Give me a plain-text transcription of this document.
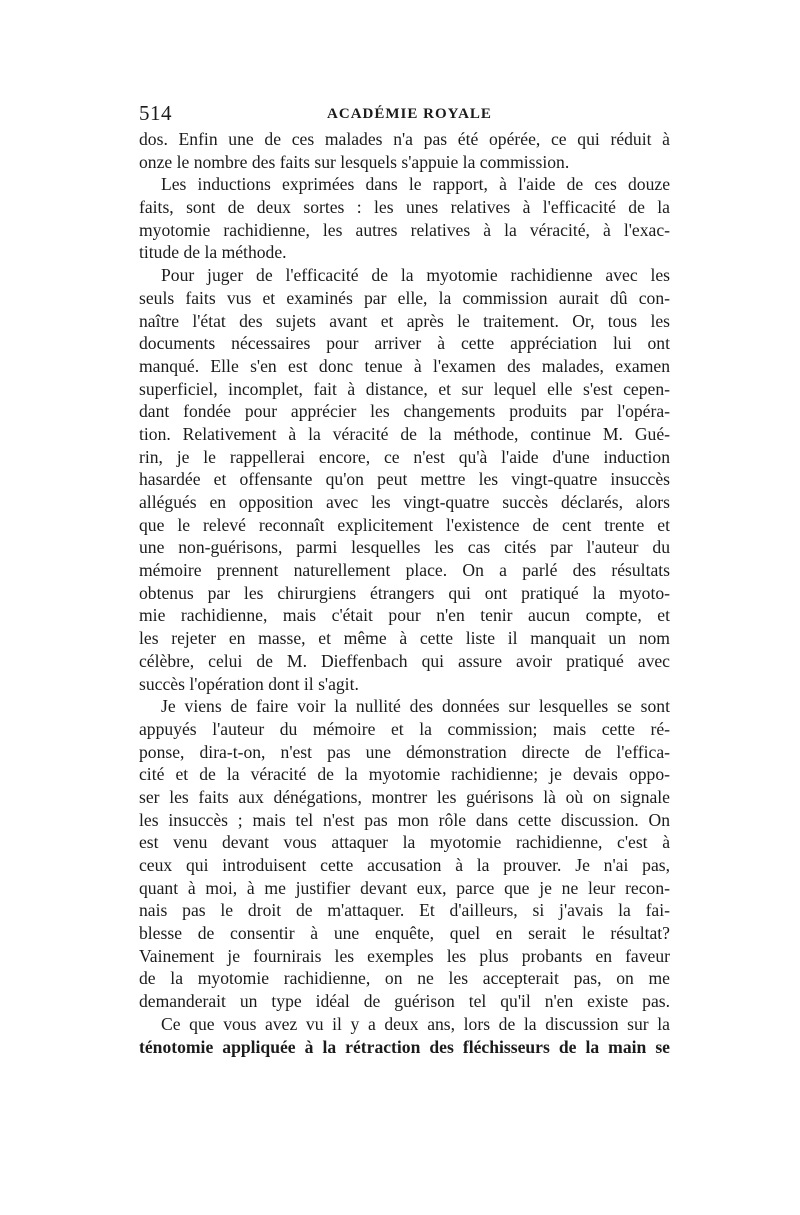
514	ACADÉMIE ROYALE
dos. Enfin une de ces malades n'a pas été opérée, ce qui réduit à
onze le nombre des faits sur lesquels s'appuie la commission.
Les inductions exprimées dans le rapport, à l'aide de ces douze
faits, sont de deux sortes : les unes relatives à l'efficacité de la
myotomie rachidienne, les autres relatives à la véracité, à l'exac-
titude de la méthode.
Pour juger de l'efficacité de la myotomie rachidienne avec les
seuls faits vus et examinés par elle, la commission aurait dû con-
naître l'état des sujets avant et après le traitement. Or, tous les
documents nécessaires pour arriver à cette appréciation lui ont
manqué. Elle s'en est donc tenue à l'examen des malades, examen
superficiel, incomplet, fait à distance, et sur lequel elle s'est cepen-
dant fondée pour apprécier les changements produits par l'opéra-
tion. Relativement à la véracité de la méthode, continue M. Gué-
rin, je le rappellerai encore, ce n'est qu'à l'aide d'une induction
hasardée et offensante qu'on peut mettre les vingt-quatre insuccès
allégués en opposition avec les vingt-quatre succès déclarés, alors
que le relevé reconnaît explicitement l'existence de cent trente et
une non-guérisons, parmi lesquelles les cas cités par l'auteur du
mémoire prennent naturellement place. On a parlé des résultats
obtenus par les chirurgiens étrangers qui ont pratiqué la myoto-
mie rachidienne, mais c'était pour n'en tenir aucun compte, et
les rejeter en masse, et même à cette liste il manquait un nom
célèbre, celui de M. Dieffenbach qui assure avoir pratiqué avec
succès l'opération dont il s'agit.
Je viens de faire voir la nullité des données sur lesquelles se sont
appuyés l'auteur du mémoire et la commission; mais cette ré-
ponse, dira-t-on, n'est pas une démonstration directe de l'effica-
cité et de la véracité de la myotomie rachidienne; je devais oppo-
ser les faits aux dénégations, montrer les guérisons là où on signale
les insuccès ; mais tel n'est pas mon rôle dans cette discussion. On
est venu devant vous attaquer la myotomie rachidienne, c'est à
ceux qui introduisent cette accusation à la prouver. Je n'ai pas,
quant à moi, à me justifier devant eux, parce que je ne leur recon-
nais pas le droit de m'attaquer. Et d'ailleurs, si j'avais la fai-
blesse de consentir à une enquête, quel en serait le résultat?
Vainement je fournirais les exemples les plus probants en faveur
de la myotomie rachidienne, on ne les accepterait pas, on me
demanderait un type idéal de guérison tel qu'il n'en existe pas.
Ce que vous avez vu il y a deux ans, lors de la discussion sur la
ténotomie appliquée à la rétraction des fléchisseurs de la main se
